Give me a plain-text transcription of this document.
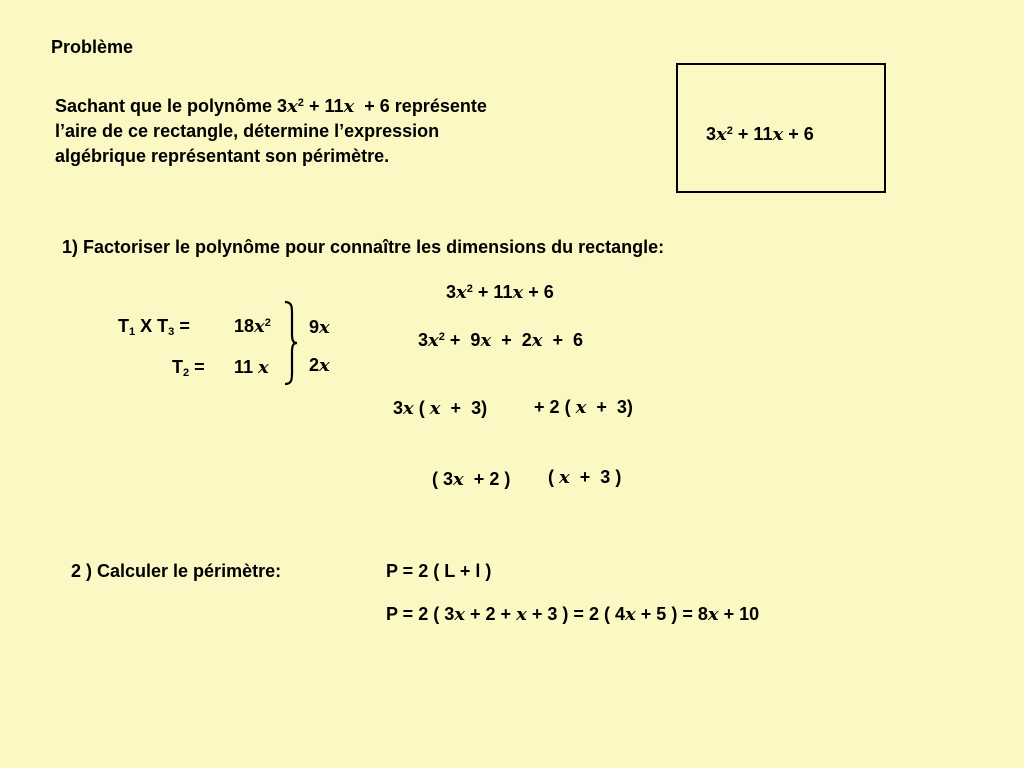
Problème
Sachant que le polynôme $3x^2 + 11x + 6$ représente
l’aire de ce rectangle, détermine l’expression
algébrique représentant son périmètre.
$3x^2 + 11x + 6$
1) Factoriser le polynôme pour connaître les dimensions du rectangle:
$3x^2 + 11x + 6$
$T_1$ X $T_3 = 18x^2$
$T_2 = 11$ x
9x
2x
$3x^2 + 9x + 2x + 6$
3x ( x + 3)	+ 2 ( x + 3)
( 3x + 2 ) ( x + 3 )
2 ) Calculer le périmètre:	P = 2 ( L + l )
P = 2 ( 3x + 2 + x + 3 ) = 2 ( 4x + 5 ) = 8x + 10
